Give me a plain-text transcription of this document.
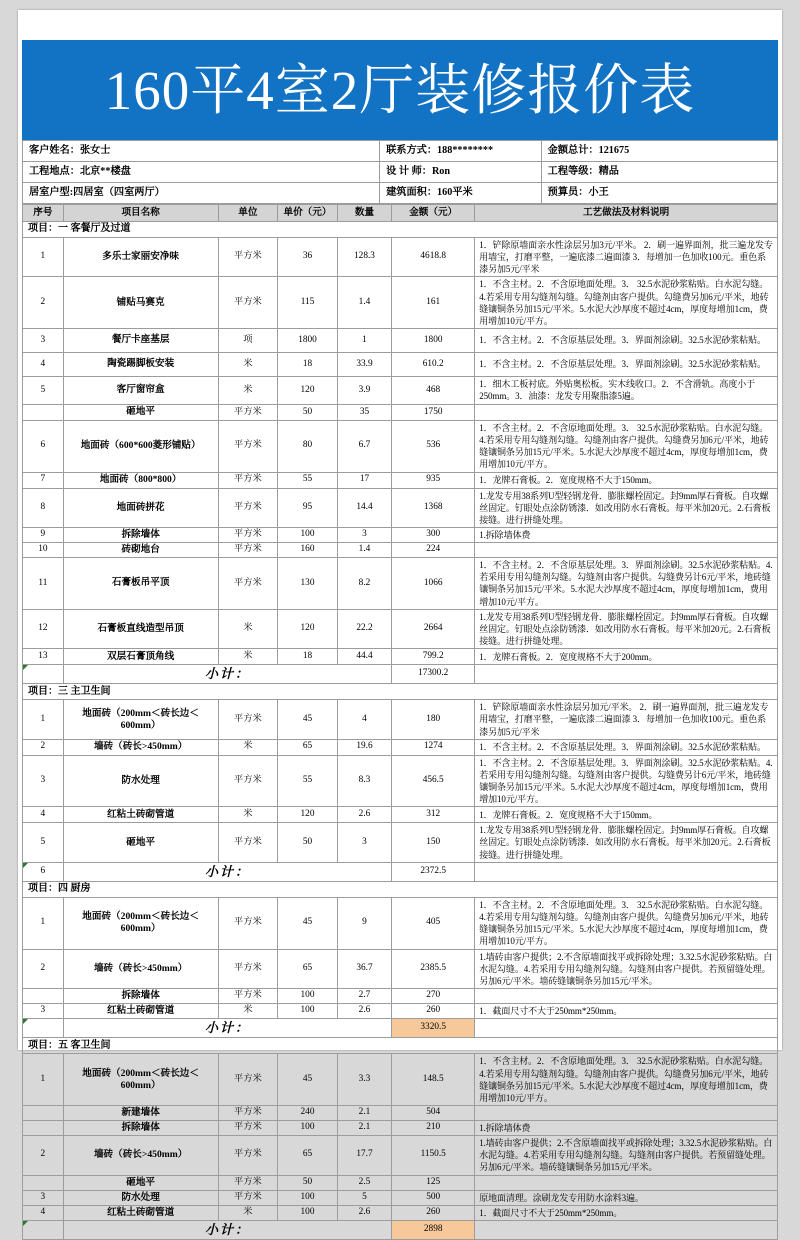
160平4室2厅装修报价表
客户姓名：张女士	联系方式：188********	金额总计：121675
工程地点：北京**楼盘	设 计 师：Ron	工程等级：精品
居室户型:四居室（四室两厅）	建筑面积：160平米	预算员：小王
序号	项目名称	单位	单价（元）	数量	金额（元）	工艺做法及材料说明
项目：一 客餐厅及过道						
1	多乐士家丽安净味	平方米	36	128.3	4618.8	1．铲除原墙面亲水性涂层另加3元/平米。 2．刷一遍界面剂，批三遍龙发专用墙宝，打磨平整，一遍底漆二遍面漆 3．每增加一色加收100元。重色系漆另加5元/平米
2	铺贴马赛克	平方米	115	1.4	161	1．不含主材。2．不含原地面处理。3． 32.5水泥砂浆粘贴。白水泥勾缝。4.若采用专用勾缝剂勾缝。勾缝剂由客户提供。勾缝费另加6元/平米，地砖缝镶铜条另加15元/平米。5.水泥大沙厚度不超过4cm，厚度每增加1cm，费用增加10元/平方。
3	餐厅卡座基层	项	1800	1	1800	1．不含主材。2．不含原基层处理。3．界面剂涂刷。32.5水泥砂浆粘贴。
4	陶瓷踢脚板安装	米	18	33.9	610.2	1．不含主材。2．不含原基层处理。3．界面剂涂刷。32.5水泥砂浆粘贴。
5	客厅窗帘盒	米	120	3.9	468	1．细木工板衬底。外贴奥松板。实木线收口。2．不含滑轨。高度小于250mm。3．油漆：龙发专用聚脂漆5遍。
	砸地平	平方米	50	35	1750	
6	地面砖（600*600菱形铺贴）	平方米	80	6.7	536	1．不含主材。2．不含原地面处理。3． 32.5水泥砂浆粘贴。白水泥勾缝。4.若采用专用勾缝剂勾缝。勾缝剂由客户提供。勾缝费另加6元/平米，地砖缝镶铜条另加15元/平米。5.水泥大沙厚度不超过4cm，厚度每增加1cm，费用增加10元/平方。
7	地面砖（800*800）	平方米	55	17	935	1．龙牌石膏板。2．宽度规格不大于150mm。
8	地面砖拼花	平方米	95	14.4	1368	1.龙发专用38系列U型轻钢龙骨．膨胀螺栓固定。封9mm厚石膏板。自攻螺丝固定。钉眼处点涂防锈漆．如改用防水石膏板。每平米加20元。2.石膏板接缝。进行拼缝处理。
9	拆除墙体	平方米	100	3	300	1.拆除墙体费
10	砖砌地台	平方米	160	1.4	224	
11	石膏板吊平顶	平方米	130	8.2	1066	1．不含主材。2．不含原基层处理。3．界面剂涂刷。32.5水泥砂浆粘贴。4.若采用专用勾缝剂勾缝。勾缝剂由客户提供。勾缝费另计6元/平米，地砖缝镶铜条另加15元/平米。5.水泥大沙厚度不超过4cm，厚度每增加1cm，费用增加10元/平方。
12	石膏板直线造型吊顶	米	120	22.2	2664	1.龙发专用38系列U型轻钢龙骨．膨胀螺栓固定。封9mm厚石膏板。自攻螺丝固定。钉眼处点涂防锈漆．如改用防水石膏板。每平米加20元。2.石膏板接缝。进行拼缝处理。
13	双层石膏顶角线	米	18	44.4	799.2	1．龙牌石膏板。2．宽度规格不大于200mm。
	小计：				17300.2	
项目：三 主卫生间						
1	地面砖（200mm＜砖长边＜600mm）	平方米	45	4	180	1．铲除原墙面亲水性涂层另加元/平米。 2．刷一遍界面剂，批三遍龙发专用墙宝，打磨平整，一遍底漆二遍面漆 3．每增加一色加收100元。重色系漆另加5元/平米
2	墙砖（砖长>450mm）	米	65	19.6	1274	1．不含主材。2．不含原基层处理。3．界面剂涂刷。32.5水泥砂浆粘贴。
3	防水处理	平方米	55	8.3	456.5	1．不含主材。2．不含原基层处理。3．界面剂涂刷。32.5水泥砂浆粘贴。4.若采用专用勾缝剂勾缝。勾缝剂由客户提供。勾缝费另计6元/平米，地砖缝镶铜条另加15元/平米。5.水泥大沙厚度不超过4cm，厚度每增加1cm，费用增加10元/平方。
4	红粘土砖砌管道	米	120	2.6	312	1．龙牌石膏板。2．宽度规格不大于150mm。
5	砸地平	平方米	50	3	150	1.龙发专用38系列U型轻钢龙骨．膨胀螺栓固定。封9mm厚石膏板。自攻螺丝固定。钉眼处点涂防锈漆．如改用防水石膏板。每平米加20元。2.石膏板接缝。进行拼缝处理。
6	小计：				2372.5	
项目：四 厨房						
1	地面砖（200mm＜砖长边＜600mm）	平方米	45	9	405	1．不含主材。2．不含原地面处理。3． 32.5水泥砂浆粘贴。白水泥勾缝。4.若采用专用勾缝剂勾缝。勾缝剂由客户提供。勾缝费另加6元/平米，地砖缝镶铜条另加15元/平米。5.水泥大沙厚度不超过4cm，厚度每增加1cm，费用增加10元/平方。
2	墙砖（砖长>450mm）	平方米	65	36.7	2385.5	1.墙砖由客户提供；2.不含原墙面找平或拆除处理；3.32.5水泥砂浆粘贴。白水泥勾缝。4.若采用专用勾缝剂勾缝。勾缝剂由客户提供。若预留缝处理。另加6元/平米。墙砖缝镶铜条另加15元/平米。
	拆除墙体	平方米	100	2.7	270	
3	红粘土砖砌管道	米	100	2.6	260	1．截面尺寸不大于250mm*250mm。
	小计：				3320.5	
项目：五 客卫生间						
1	地面砖（200mm＜砖长边＜600mm）	平方米	45	3.3	148.5	1．不含主材。2．不含原地面处理。3． 32.5水泥砂浆粘贴。白水泥勾缝。4.若采用专用勾缝剂勾缝。勾缝剂由客户提供。勾缝费另加6元/平米，地砖缝镶铜条另加15元/平米。5.水泥大沙厚度不超过4cm，厚度每增加1cm，费用增加10元/平方。
	新建墙体	平方米	240	2.1	504	
	拆除墙体	平方米	100	2.1	210	1.拆除墙体费
2	墙砖（砖长>450mm）	平方米	65	17.7	1150.5	1.墙砖由客户提供；2.不含原墙面找平或拆除处理；3.32.5水泥砂浆粘贴。白水泥勾缝。4.若采用专用勾缝剂勾缝。勾缝剂由客户提供。若预留缝处理。另加6元/平米。墙砖缝镶铜条另加15元/平米。
	砸地平	平方米	50	2.5	125	
3	防水处理	平方米	100	5	500	原地面清理。涂刷龙发专用防水涂料3遍。
4	红粘土砖砌管道	米	100	2.6	260	1．截面尺寸不大于250mm*250mm。
	小计：				2898	
